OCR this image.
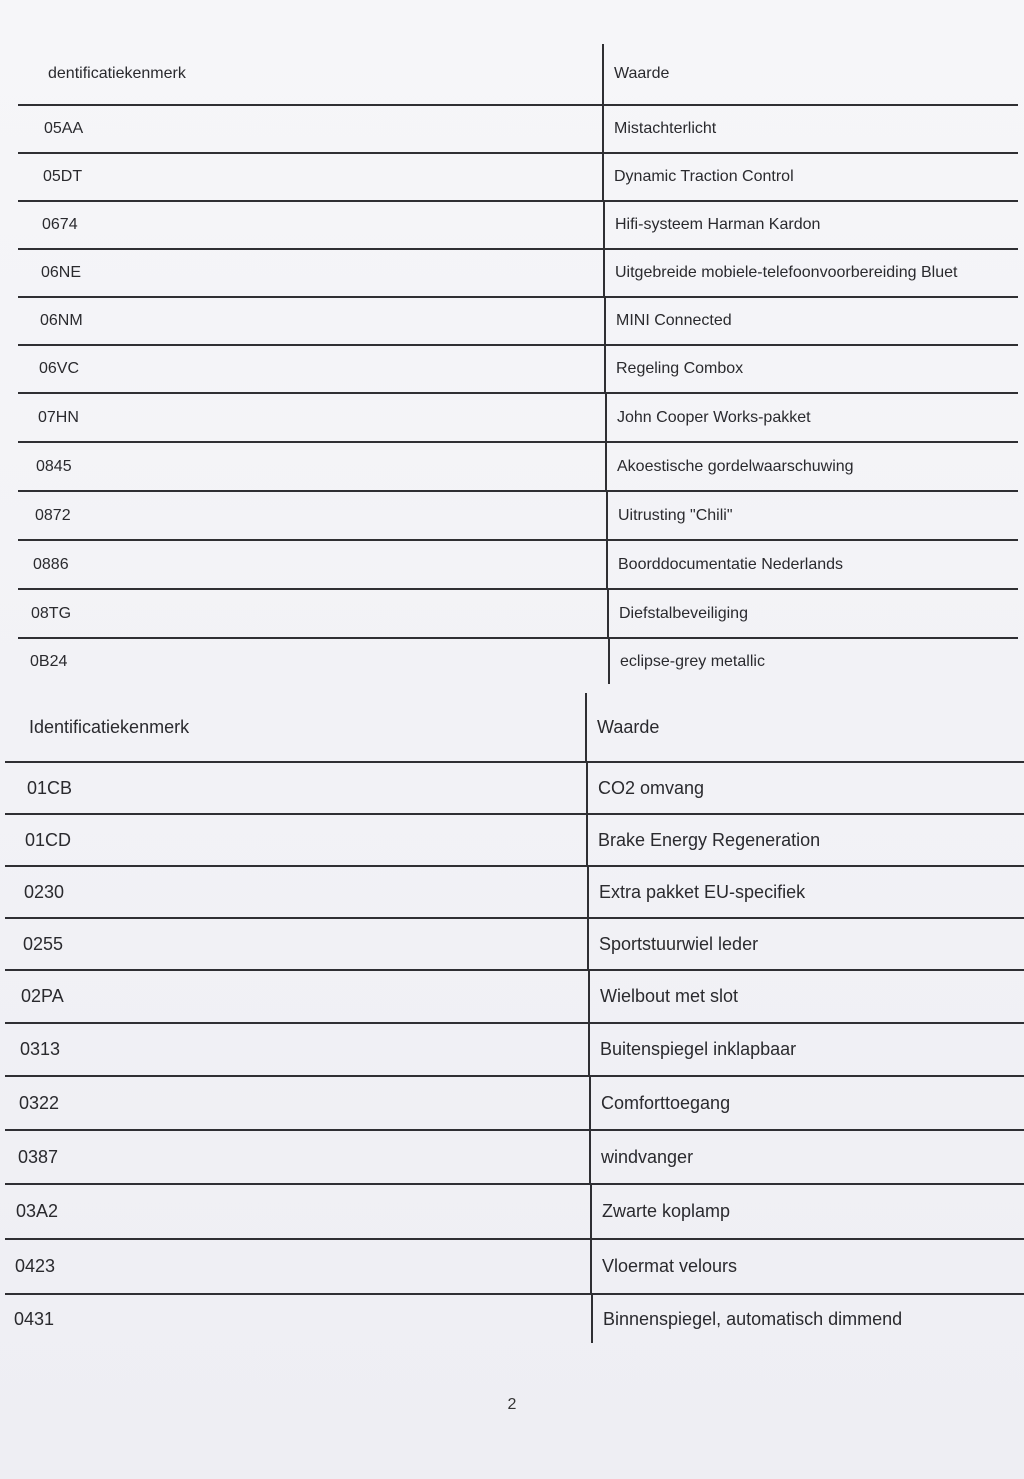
dentificatiekenmerk	Waarde
05AA	Mistachterlicht
05DT	Dynamic Traction Control
0674	Hifi-systeem Harman Kardon
06NE	Uitgebreide mobiele-telefoonvoorbereiding Bluet
06NM	MINI Connected
06VC	Regeling Combox
07HN	John Cooper Works-pakket
0845	Akoestische gordelwaarschuwing
0872	Uitrusting "Chili"
0886	Boorddocumentatie Nederlands
08TG	Diefstalbeveiliging
0B24	eclipse-grey metallic
Identificatiekenmerk	Waarde
01CB	CO2 omvang
01CD	Brake Energy Regeneration
0230	Extra pakket EU-specifiek
0255	Sportstuurwiel leder
02PA	Wielbout met slot
0313	Buitenspiegel inklapbaar
0322	Comforttoegang
0387	windvanger
03A2	Zwarte koplamp
0423	Vloermat velours
0431	Binnenspiegel, automatisch dimmend
2
